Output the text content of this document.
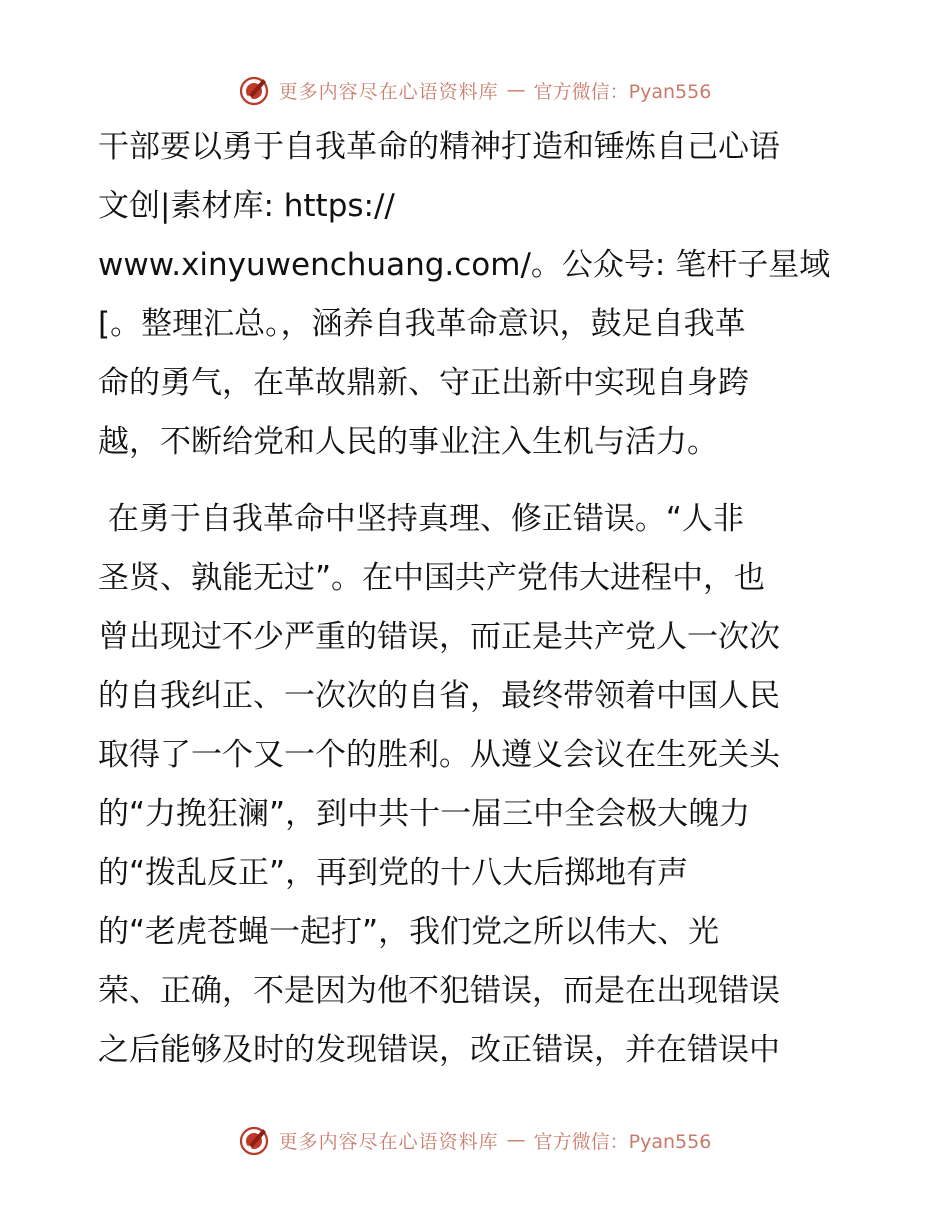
更多内容尽在心语资料库 — 官方微信：Pyan556
干部要以勇于自我革命的精神打造和锤炼自己心语
文创|素材库: https://
www.xinyuwenchuang.com/。公众号: 笔杆子星域
[。整理汇总。，涵养自我革命意识，鼓足自我革
命的勇气，在革故鼎新、守正出新中实现自身跨
越，不断给党和人民的事业注入生机与活力。
在勇于自我革命中坚持真理、修正错误。“人非
圣贤、孰能无过”。在中国共产党伟大进程中，也
曾出现过不少严重的错误，而正是共产党人一次次
的自我纠正、一次次的自省，最终带领着中国人民
取得了一个又一个的胜利。从遵义会议在生死关头
的“力挽狂澜”，到中共十一届三中全会极大魄力
的“拨乱反正”，再到党的十八大后掷地有声
的“老虎苍蝇一起打”，我们党之所以伟大、光
荣、正确，不是因为他不犯错误，而是在出现错误
之后能够及时的发现错误，改正错误，并在错误中
更多内容尽在心语资料库 — 官方微信：Pyan556
